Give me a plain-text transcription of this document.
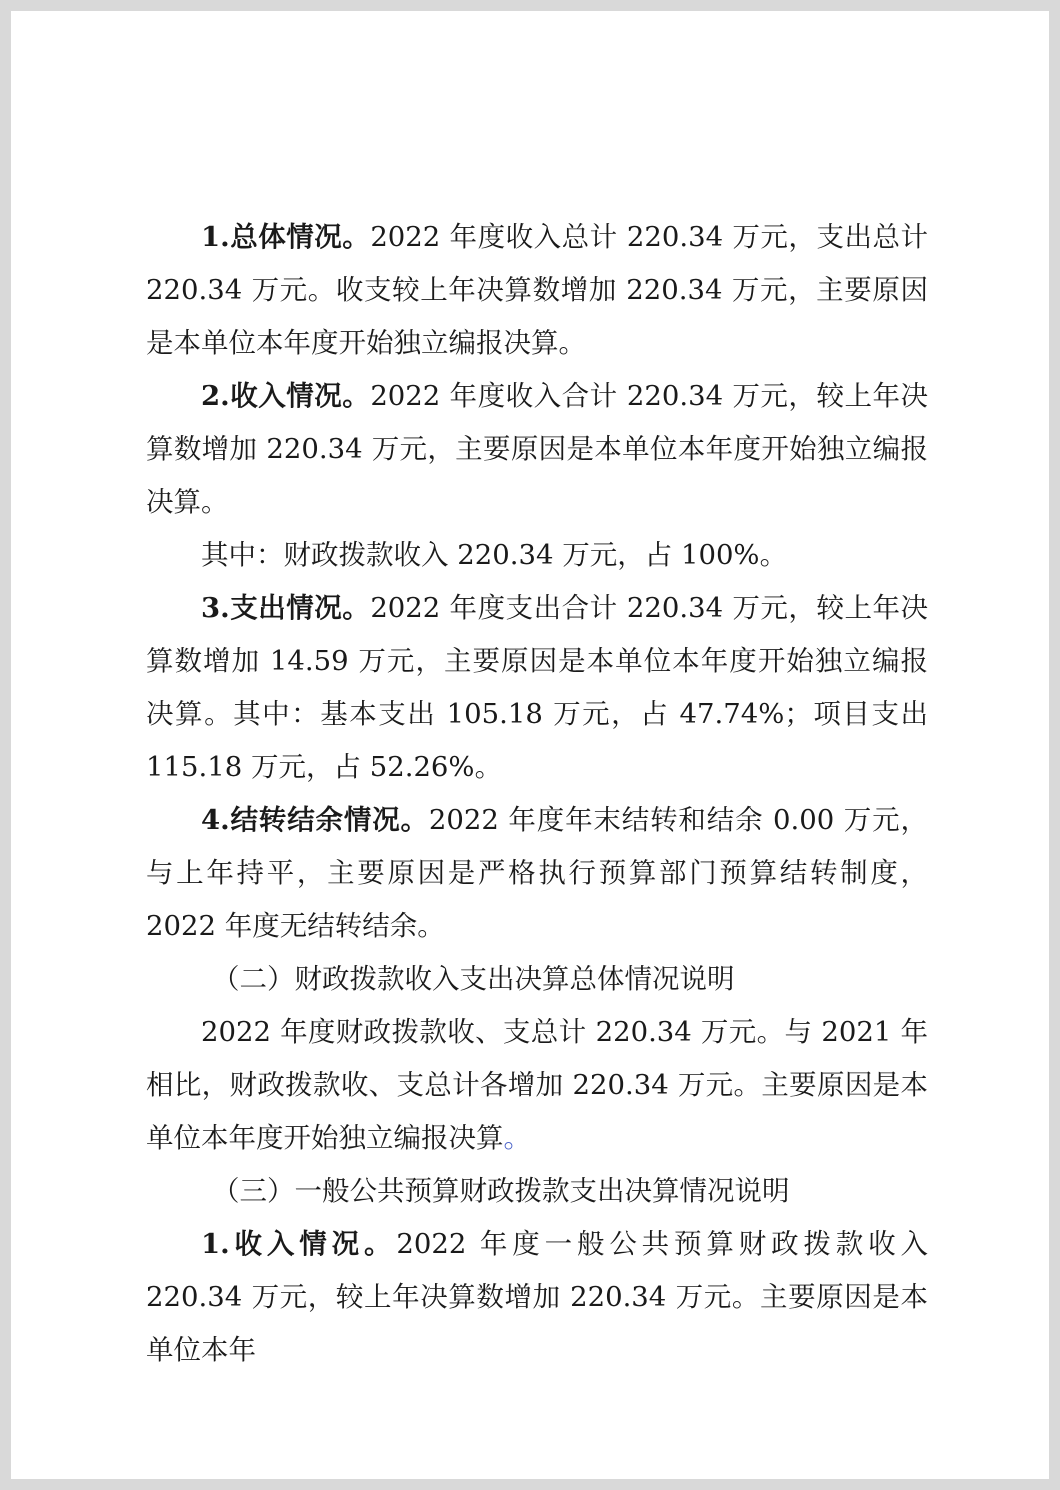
1.总体情况。2022 年度收入总计 220.34 万元，支出总计220.34 万元。收支较上年决算数增加 220.34 万元，主要原因是本单位本年度开始独立编报决算。

2.收入情况。2022 年度收入合计 220.34 万元，较上年决算数增加 220.34 万元，主要原因是本单位本年度开始独立编报决算。

其中：财政拨款收入 220.34 万元，占 100%。

3.支出情况。2022 年度支出合计 220.34 万元，较上年决算数增加 14.59 万元，主要原因是本单位本年度开始独立编报决算。其中：基本支出 105.18 万元，占 47.74%；项目支出 115.18 万元，占 52.26%。

4.结转结余情况。2022 年度年末结转和结余 0.00 万元，与上年持平，主要原因是严格执行预算部门预算结转制度，2022 年度无结转结余。

（二）财政拨款收入支出决算总体情况说明

2022 年度财政拨款收、支总计 220.34 万元。与 2021 年相比，财政拨款收、支总计各增加 220.34 万元。主要原因是本单位本年度开始独立编报决算。

（三）一般公共预算财政拨款支出决算情况说明

1.收入情况。2022 年度一般公共预算财政拨款收入 220.34 万元，较上年决算数增加 220.34 万元。主要原因是本单位本年
